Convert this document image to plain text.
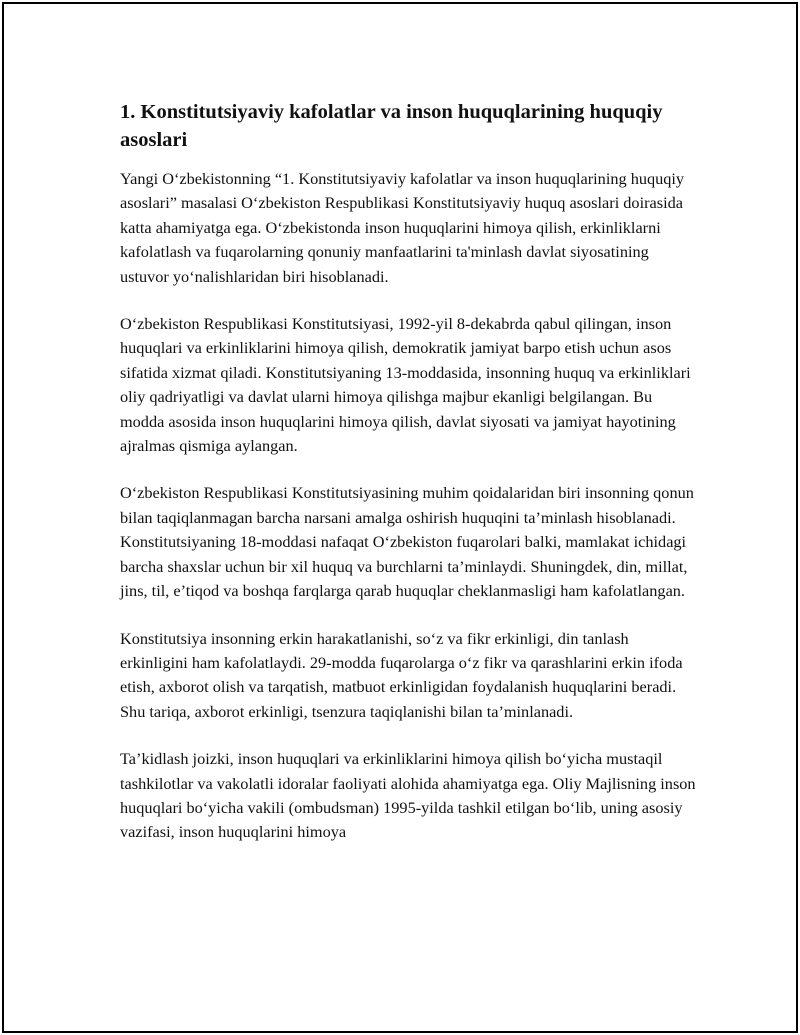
1. Konstitutsiyaviy kafolatlar va inson huquqlarining huquqiy asoslari

Yangi O‘zbekistonning “1. Konstitutsiyaviy kafolatlar va inson huquqlarining huquqiy asoslari” masalasi O‘zbekiston Respublikasi Konstitutsiyaviy huquq asoslari doirasida katta ahamiyatga ega. O‘zbekistonda inson huquqlarini himoya qilish, erkinliklarni kafolatlash va fuqarolarning qonuniy manfaatlarini ta'minlash davlat siyosatining ustuvor yo‘nalishlaridan biri hisoblanadi.

O‘zbekiston Respublikasi Konstitutsiyasi, 1992-yil 8-dekabrda qabul qilingan, inson huquqlari va erkinliklarini himoya qilish, demokratik jamiyat barpo etish uchun asos sifatida xizmat qiladi. Konstitutsiyaning 13-moddasida, insonning huquq va erkinliklari oliy qadriyatligi va davlat ularni himoya qilishga majbur ekanligi belgilangan. Bu modda asosida inson huquqlarini himoya qilish, davlat siyosati va jamiyat hayotining ajralmas qismiga aylangan.

O‘zbekiston Respublikasi Konstitutsiyasining muhim qoidalaridan biri insonning qonun bilan taqiqlanmagan barcha narsani amalga oshirish huquqini ta’minlash hisoblanadi. Konstitutsiyaning 18-moddasi nafaqat O‘zbekiston fuqarolari balki, mamlakat ichidagi barcha shaxslar uchun bir xil huquq va burchlarni ta’minlaydi. Shuningdek, din, millat, jins, til, e’tiqod va boshqa farqlarga qarab huquqlar cheklanmasligi ham kafolatlangan.

Konstitutsiya insonning erkin harakatlanishi, so‘z va fikr erkinligi, din tanlash erkinligini ham kafolatlaydi. 29-modda fuqarolarga o‘z fikr va qarashlarini erkin ifoda etish, axborot olish va tarqatish, matbuot erkinligidan foydalanish huquqlarini beradi. Shu tariqa, axborot erkinligi, tsenzura taqiqlanishi bilan ta’minlanadi.

Ta’kidlash joizki, inson huquqlari va erkinliklarini himoya qilish bo‘yicha mustaqil tashkilotlar va vakolatli idoralar faoliyati alohida ahamiyatga ega. Oliy Majlisning inson huquqlari bo‘yicha vakili (ombudsman) 1995-yilda tashkil etilgan bo‘lib, uning asosiy vazifasi, inson huquqlarini himoya
